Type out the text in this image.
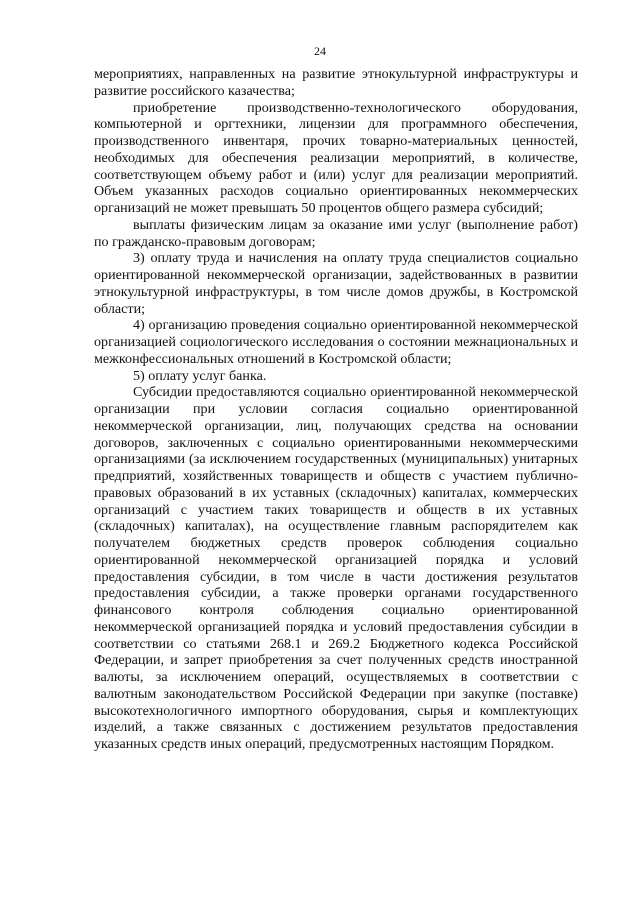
24

мероприятиях, направленных на развитие этнокультурной инфраструктуры и развитие российского казачества;

приобретение производственно-технологического оборудования, компьютерной и оргтехники, лицензии для программного обеспечения, производственного инвентаря, прочих товарно-материальных ценностей, необходимых для обеспечения реализации мероприятий, в количестве, соответствующем объему работ и (или) услуг для реализации мероприятий. Объем указанных расходов социально ориентированных некоммерческих организаций не может превышать 50 процентов общего размера субсидий;

выплаты физическим лицам за оказание ими услуг (выполнение работ) по гражданско-правовым договорам;

3) оплату труда и начисления на оплату труда специалистов социально ориентированной некоммерческой организации, задействованных в развитии этнокультурной инфраструктуры, в том числе домов дружбы, в Костромской области;

4) организацию проведения социально ориентированной некоммерческой организацией социологического исследования о состоянии межнациональных и межконфессиональных отношений в Костромской области;

5) оплату услуг банка.

Субсидии предоставляются социально ориентированной некоммерческой организации при условии согласия социально ориентированной некоммерческой организации, лиц, получающих средства на основании договоров, заключенных с социально ориентированными некоммерческими организациями (за исключением государственных (муниципальных) унитарных предприятий, хозяйственных товариществ и обществ с участием публично-правовых образований в их уставных (складочных) капиталах, коммерческих организаций с участием таких товариществ и обществ в их уставных (складочных) капиталах), на осуществление главным распорядителем как получателем бюджетных средств проверок соблюдения социально ориентированной некоммерческой организацией порядка и условий предоставления субсидии, в том числе в части достижения результатов предоставления субсидии, а также проверки органами государственного финансового контроля соблюдения социально ориентированной некоммерческой организацией порядка и условий предоставления субсидии в соответствии со статьями 268.1 и 269.2 Бюджетного кодекса Российской Федерации, и запрет приобретения за счет полученных средств иностранной валюты, за исключением операций, осуществляемых в соответствии с валютным законодательством Российской Федерации при закупке (поставке) высокотехнологичного импортного оборудования, сырья и комплектующих изделий, а также связанных с достижением результатов предоставления указанных средств иных операций, предусмотренных настоящим Порядком.
